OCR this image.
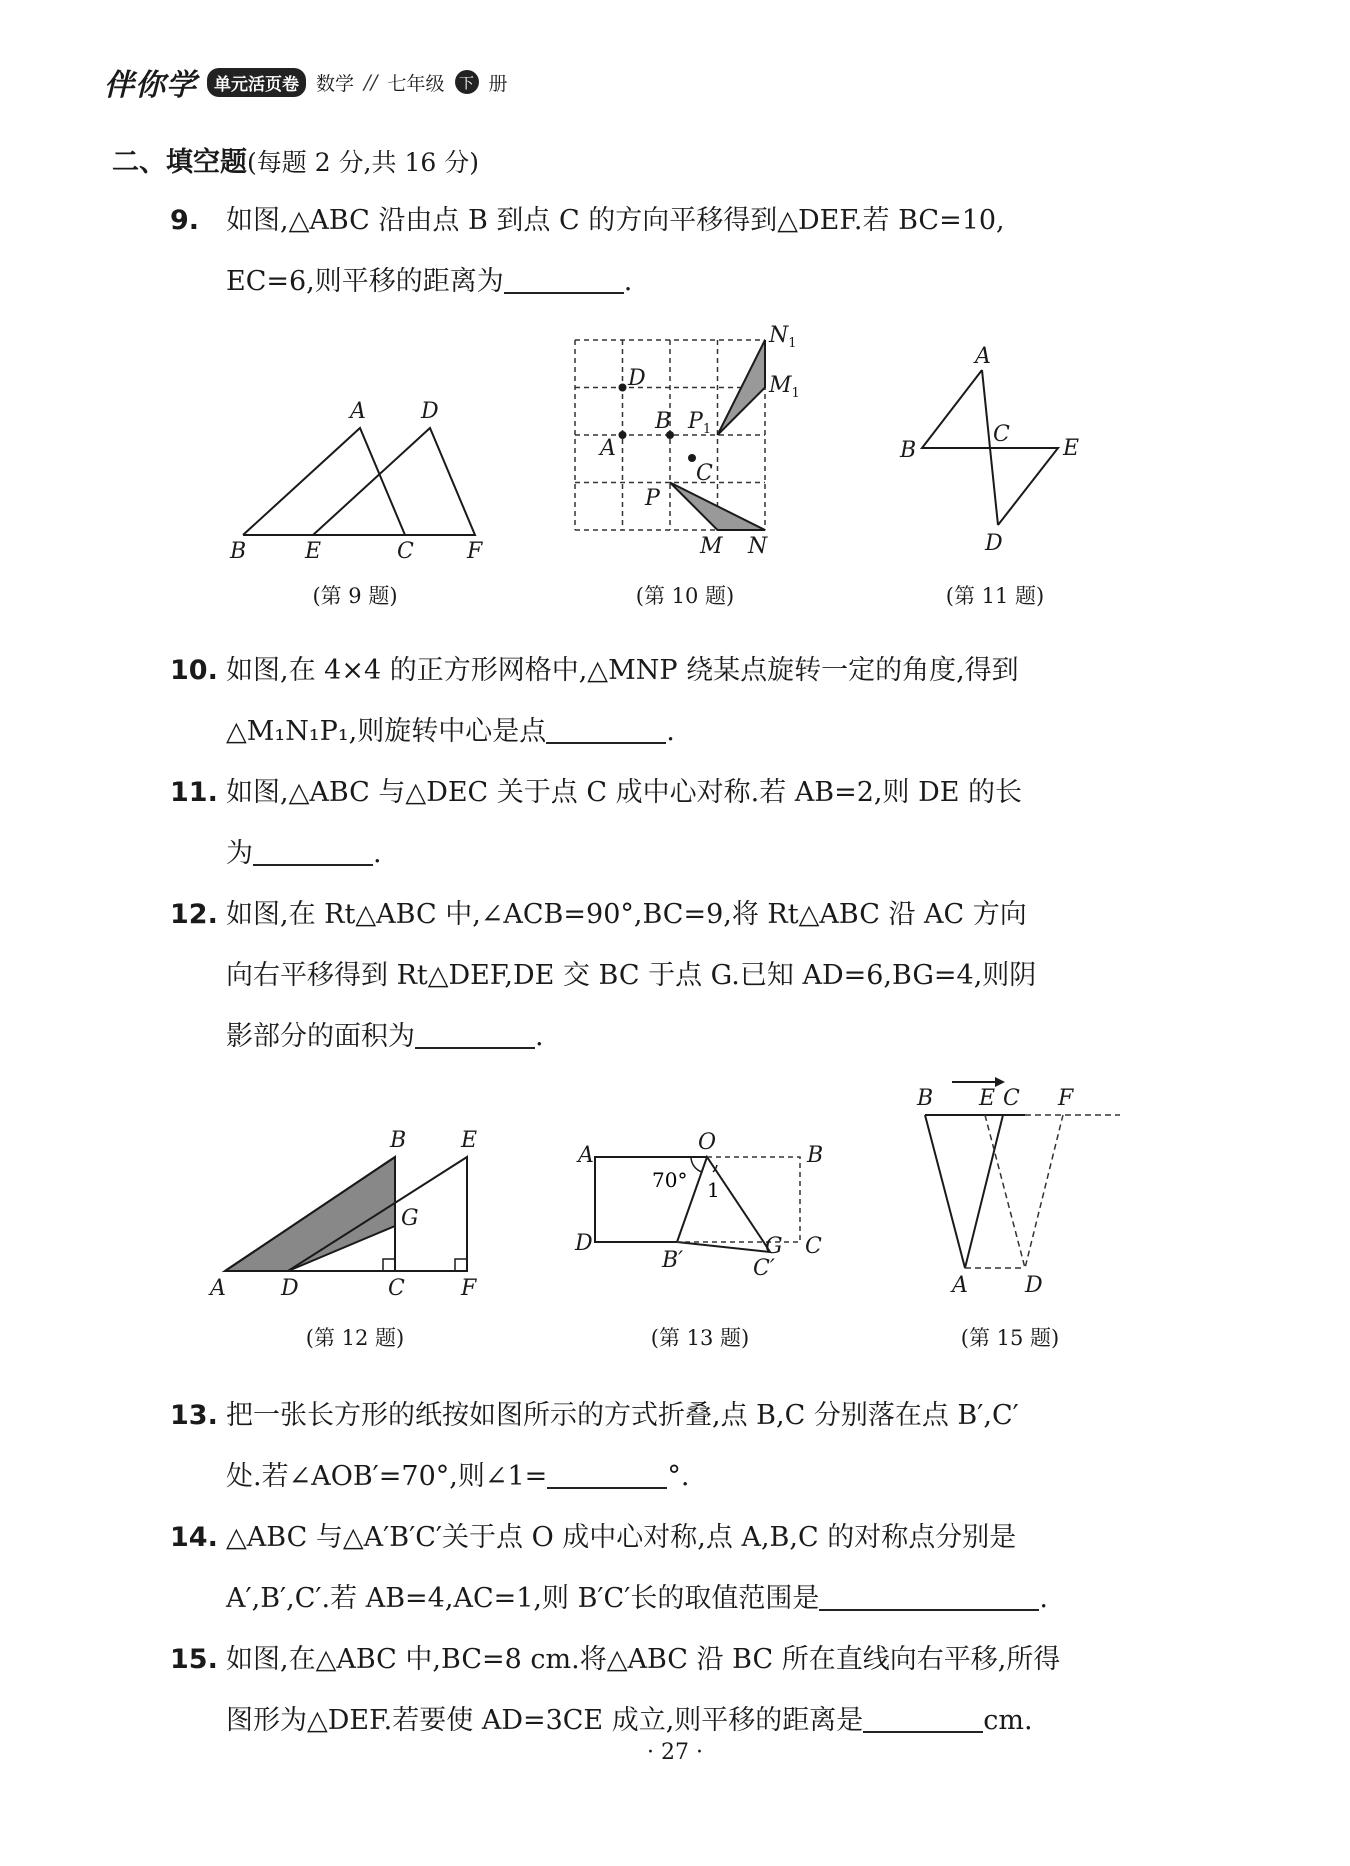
伴你学	单元活页卷 数学 // 七年级 下 册
二、填空题(每题 2 分,共 16 分)
9. 如图,△ABC 沿由点 B 到点 C 的方向平移得到△DEF.若 BC=10,
EC=6,则平移的距离为	.
A	D
B	E	C F
(第 9 题)
$N_1$
$M_1$
D
B $P_1$
A
C
P
M N
(第 10 题)
A
B
C
E
D
(第 11 题)
10. 如图,在 4×4 的正方形网格中,△MNP 绕某点旋转一定的角度,得到
△M₁N₁P₁,则旋转中心是点	.
11. 如图,△ABC 与△DEC 关于点 C 成中心对称.若 AB=2,则 DE 的长
为	.
12. 如图,在 Rt△ABC 中,∠ACB=90°,BC=9,将 Rt△ABC 沿 AC 方向
向右平移得到 Rt△DEF,DE 交 BC 于点 G.已知 AD=6,BG=4,则阴
影部分的面积为	.
B E
G
A	D	C	F
(第 12 题)
A
O
B
70° 1
D
B′
G C
C′
(第 13 题)
B E C F
A	D
(第 15 题)
13. 把一张长方形的纸按如图所示的方式折叠,点 B,C 分别落在点 B′,C′
处.若∠AOB′=70°,则∠1=	°.
14. △ABC 与△A′B′C′关于点 O 成中心对称,点 A,B,C 的对称点分别是
A′,B′,C′.若 AB=4,AC=1,则 B′C′长的取值范围是	.
15. 如图,在△ABC 中,BC=8 cm.将△ABC 沿 BC 所在直线向右平移,所得
图形为△DEF.若要使 AD=3CE 成立,则平移的距离是	cm.
· 27 ·
